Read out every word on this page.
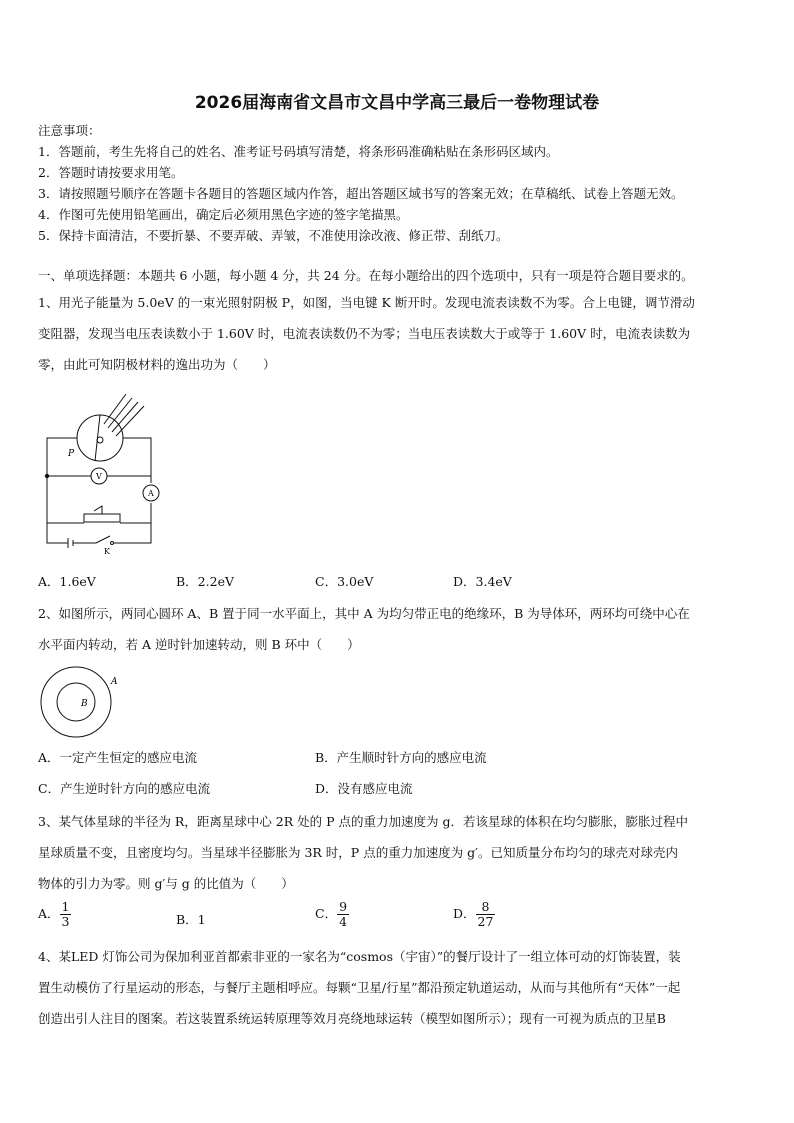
2026届海南省文昌市文昌中学高三最后一卷物理试卷
注意事项：
1．答题前，考生先将自己的姓名、准考证号码填写清楚，将条形码准确粘贴在条形码区域内。
2．答题时请按要求用笔。
3．请按照题号顺序在答题卡各题目的答题区域内作答，超出答题区域书写的答案无效；在草稿纸、试卷上答题无效。
4．作图可先使用铅笔画出，确定后必须用黑色字迹的签字笔描黑。
5．保持卡面清洁，不要折暴、不要弄破、弄皱，不准使用涂改液、修正带、刮纸刀。
一、单项选择题：本题共 6 小题，每小题 4 分，共 24 分。在每小题给出的四个选项中，只有一项是符合题目要求的。
1、用光子能量为 5.0eV 的一束光照射阴极 P，如图，当电键 K 断开时。发现电流表读数不为零。合上电键，调节滑动
变阻器，发现当电压表读数小于 1.60V 时，电流表读数仍不为零；当电压表读数大于或等于 1.60V 时，电流表读数为
零，由此可知阴极材料的逸出功为（　　）
P
V
A
K
A．1.6eV	B．2.2eV	C．3.0eV	D．3.4eV
2、如图所示，两同心圆环 A、B 置于同一水平面上，其中 A 为均匀带正电的绝缘环，B 为导体环，两环均可绕中心在
水平面内转动，若 A 逆时针加速转动，则 B 环中（　　）
A
B
A．一定产生恒定的感应电流	B．产生顺时针方向的感应电流
C．产生逆时针方向的感应电流	D．没有感应电流
3、某气体星球的半径为 R，距离星球中心 2R 处的 P 点的重力加速度为 g．若该星球的体积在均匀膨胀，膨胀过程中
星球质量不变，且密度均匀。当星球半径膨胀为 3R 时，P 点的重力加速度为 g′。已知质量分布均匀的球壳对球壳内
物体的引力为零。则 g′与 g 的比值为（　　）
A． $\frac{1}{3}$	B．1	C． $\frac{9}{4}$	D． $\frac{8}{27}$
4、某LED 灯饰公司为保加利亚首都索非亚的一家名为“cosmos（宇宙）”的餐厅设计了一组立体可动的灯饰装置，装
置生动模仿了行星运动的形态，与餐厅主题相呼应。每颗“卫星/行星”都沿预定轨道运动，从而与其他所有“天体”一起
创造出引人注目的图案。若这装置系统运转原理等效月亮绕地球运转（模型如图所示）；现有一可视为质点的卫星B
